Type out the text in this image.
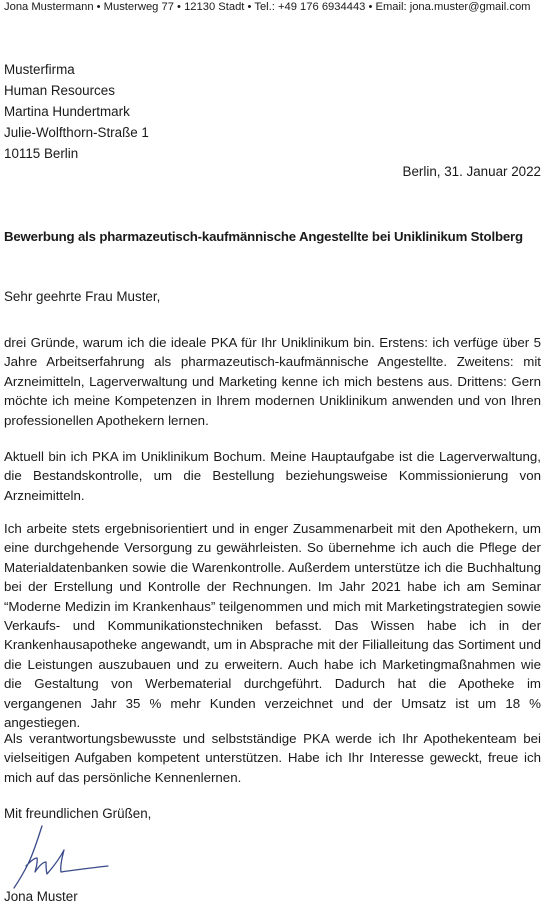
Jona Mustermann • Musterweg 77 • 12130 Stadt • Tel.: +49 176 6934443 • Email: jona.muster@gmail.com
Musterfirma
Human Resources
Martina Hundertmark
Julie-Wolfthorn-Straße 1
10115 Berlin
Berlin, 31. Januar 2022
Bewerbung als pharmazeutisch-kaufmännische Angestellte bei Uniklinikum Stolberg
Sehr geehrte Frau Muster,

drei Gründe, warum ich die ideale PKA für Ihr Uniklinikum bin. Erstens: ich verfüge über 5 Jahre Arbeitserfahrung als pharmazeutisch-kaufmännische Angestellte. Zweitens: mit Arzneimitteln, Lagerverwaltung und Marketing kenne ich mich bestens aus. Drittens: Gern möchte ich meine Kompetenzen in Ihrem modernen Uniklinikum anwenden und von Ihren professionellen Apothekern lernen.

Aktuell bin ich PKA im Uniklinikum Bochum. Meine Hauptaufgabe ist die Lagerverwaltung, die Bestandskontrolle, um die Bestellung beziehungsweise Kommissionierung von Arzneimitteln.

Ich arbeite stets ergebnisorientiert und in enger Zusammenarbeit mit den Apothekern, um eine durchgehende Versorgung zu gewährleisten. So übernehme ich auch die Pflege der Materialdatenbanken sowie die Warenkontrolle. Außerdem unterstütze ich die Buchhaltung bei der Erstellung und Kontrolle der Rechnungen. Im Jahr 2021 habe ich am Seminar “Moderne Medizin im Krankenhaus” teilgenommen und mich mit Marketingstrategien sowie Verkaufs- und Kommunikationstechniken befasst. Das Wissen habe ich in der Krankenhausapotheke angewandt, um in Absprache mit der Filialleitung das Sortiment und die Leistungen auszubauen und zu erweitern. Auch habe ich Marketingmaßnahmen wie die Gestaltung von Werbematerial durchgeführt. Dadurch hat die Apotheke im vergangenen Jahr 35 % mehr Kunden verzeichnet und der Umsatz ist um 18 % angestiegen.

Als verantwortungsbewusste und selbstständige PKA werde ich Ihr Apothekenteam bei vielseitigen Aufgaben kompetent unterstützen. Habe ich Ihr Interesse geweckt, freue ich mich auf das persönliche Kennenlernen.

Mit freundlichen Grüßen,
Jona Muster
